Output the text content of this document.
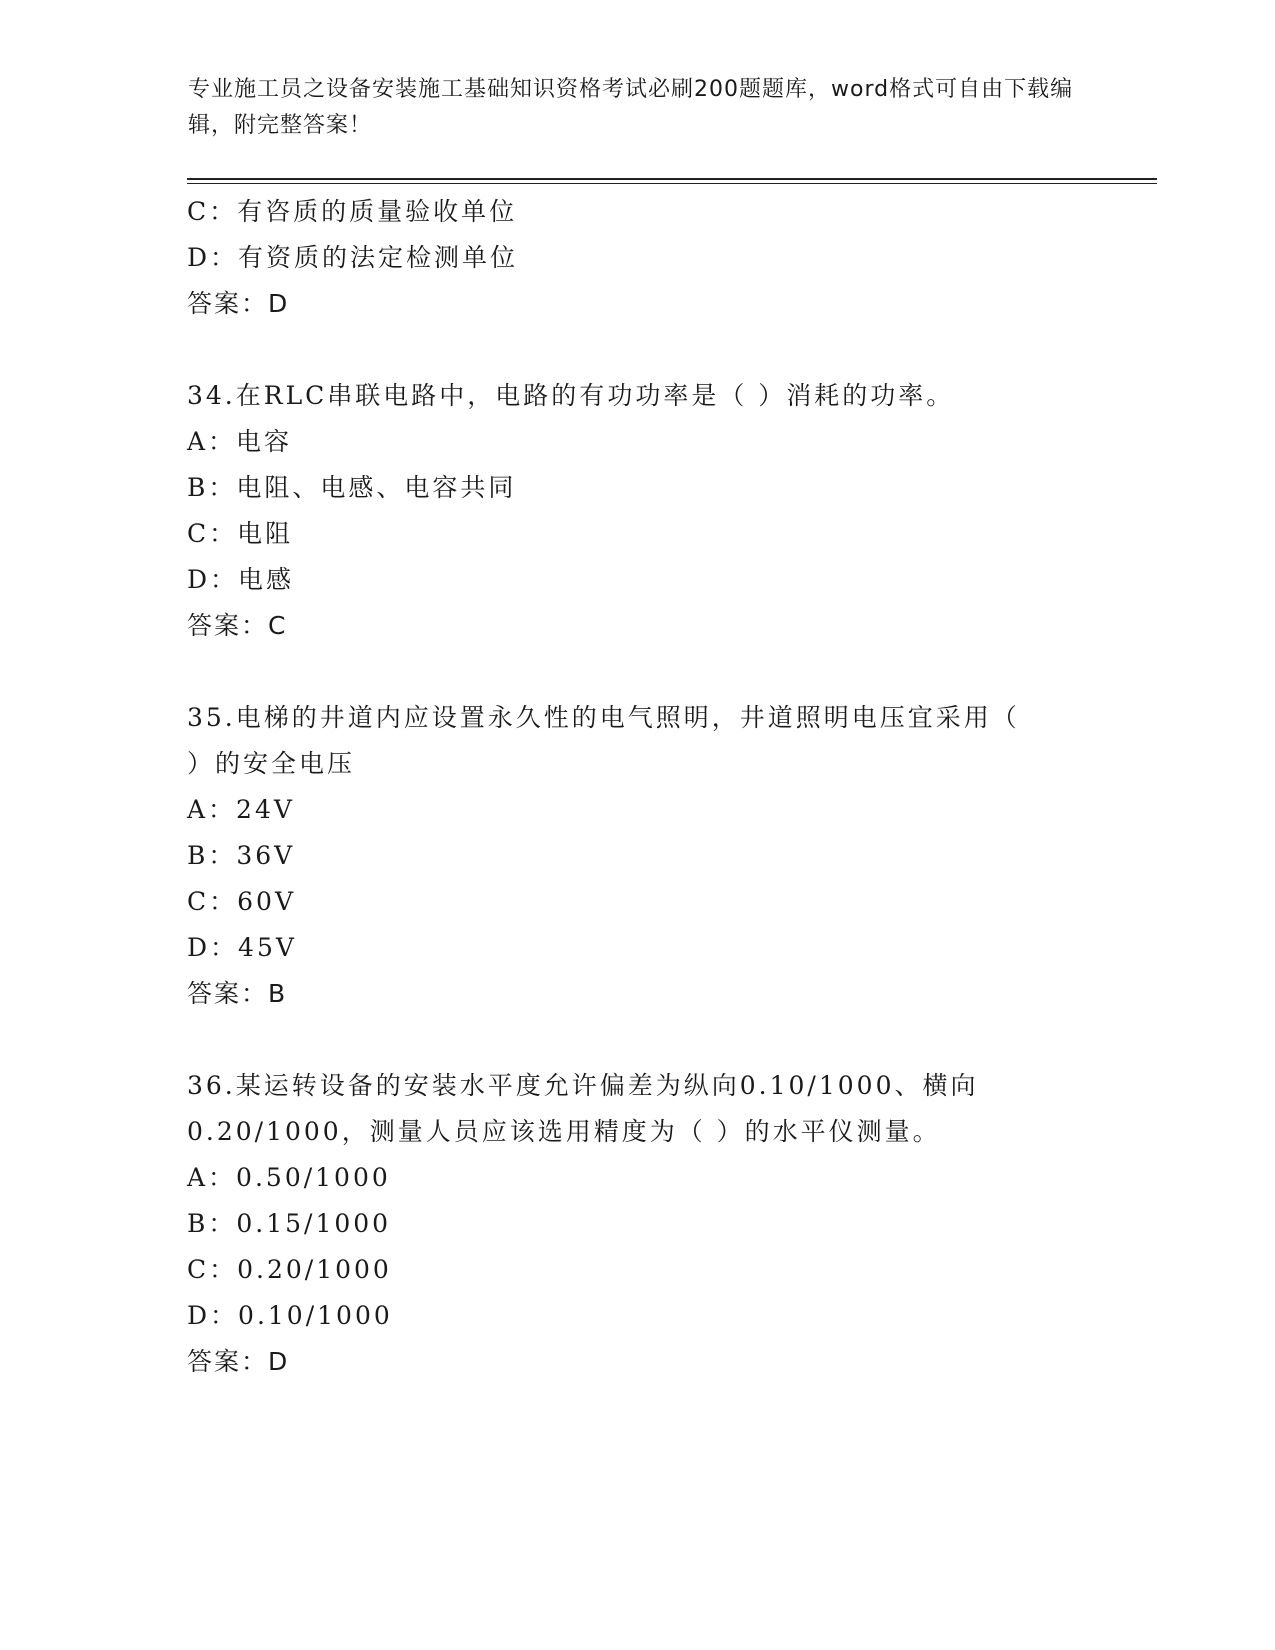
专业施工员之设备安装施工基础知识资格考试必刷200题题库，word格式可自由下载编辑，附完整答案！
C：有咨质的质量验收单位
D：有资质的法定检测单位
答案：D
34.在RLC串联电路中，电路的有功功率是（ ）消耗的功率。
A：电容
B：电阻、电感、电容共同
C：电阻
D：电感
答案：C
35.电梯的井道内应设置永久性的电气照明，井道照明电压宜采用（
）的安全电压
A：24V
B：36V
C：60V
D：45V
答案：B
36.某运转设备的安装水平度允许偏差为纵向0.10/1000、横向
0.20/1000，测量人员应该选用精度为（ ）的水平仪测量。
A：0.50/1000
B：0.15/1000
C：0.20/1000
D：0.10/1000
答案：D
